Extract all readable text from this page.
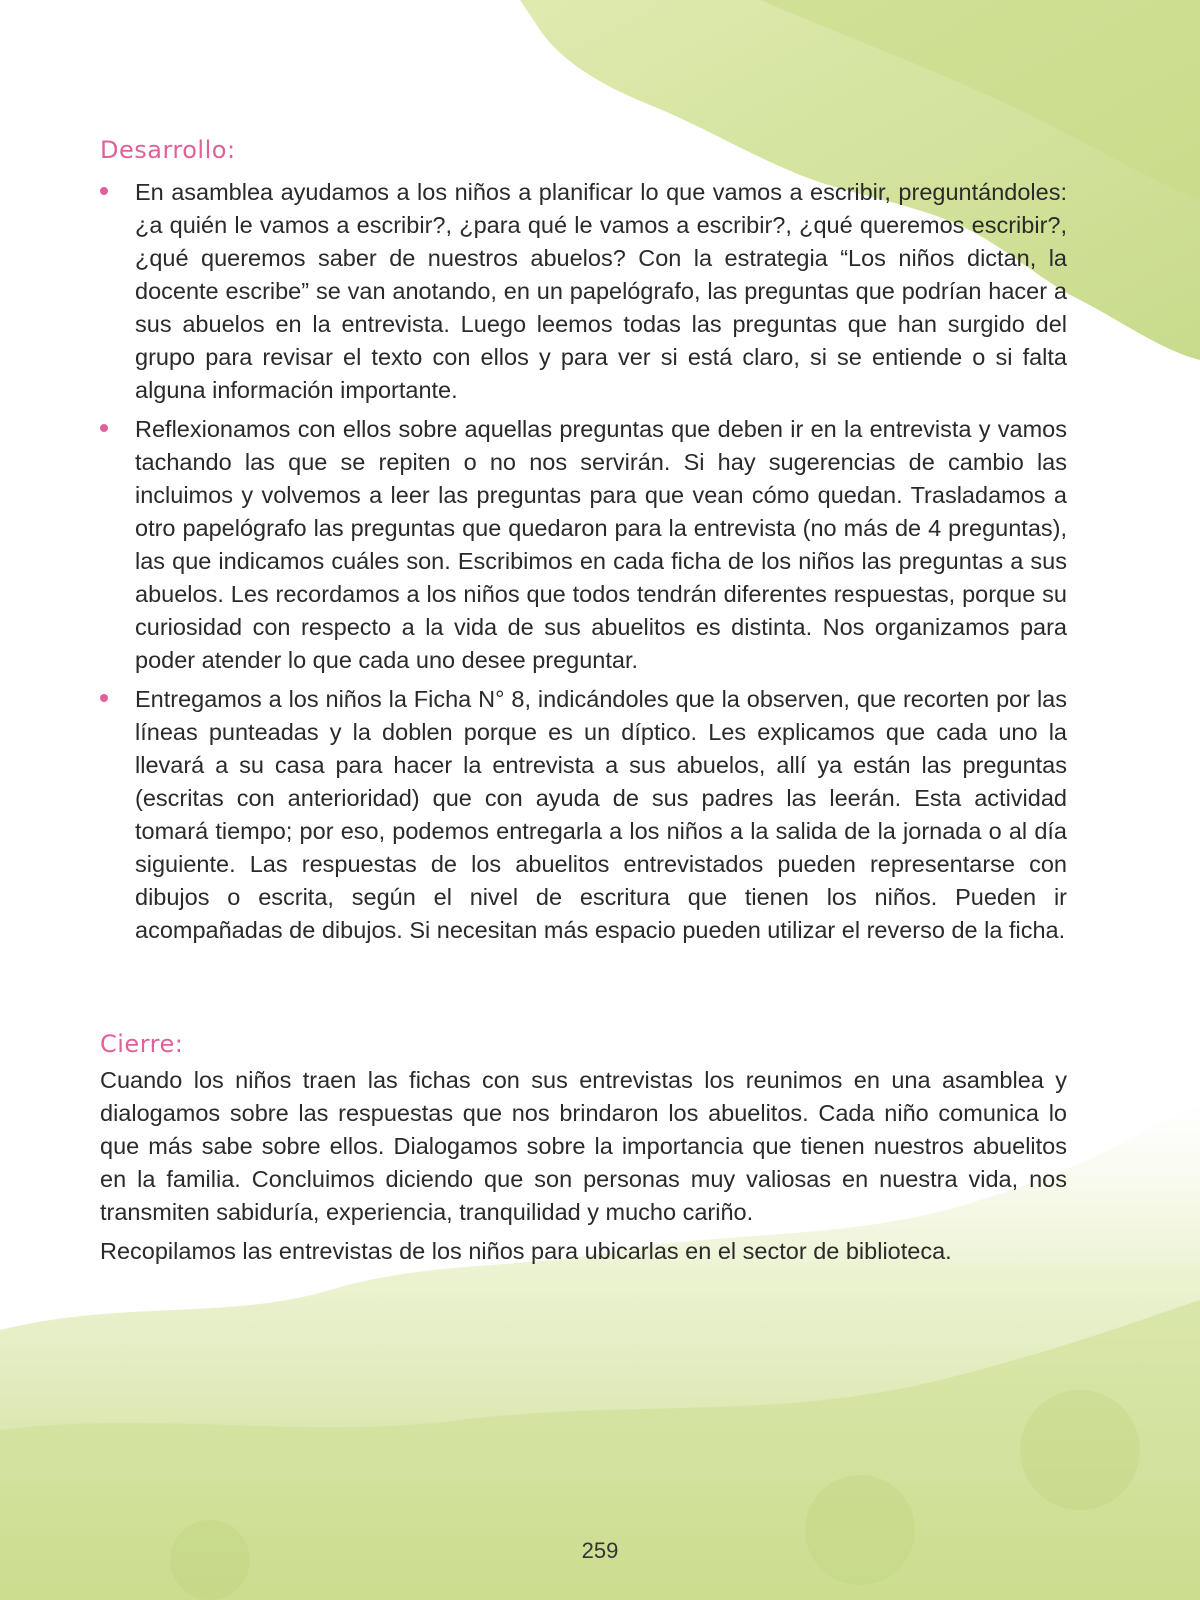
Desarrollo:

En asamblea ayudamos a los niños a planificar lo que vamos a escribir, preguntándoles: ¿a quién le vamos a escribir?, ¿para qué le vamos a escribir?, ¿qué queremos escribir?, ¿qué queremos saber de nuestros abuelos? Con la estrategia “Los niños dictan, la docente escribe” se van anotando, en un papelógrafo, las preguntas que podrían hacer a sus abuelos en la entrevista. Luego leemos todas las preguntas que han surgido del grupo para revisar el texto con ellos y para ver si está claro, si se entiende o si falta alguna información importante.

Reflexionamos con ellos sobre aquellas preguntas que deben ir en la entrevista y vamos tachando las que se repiten o no nos servirán. Si hay sugerencias de cambio las incluimos y volvemos a leer las preguntas para que vean cómo quedan. Trasladamos a otro papelógrafo las preguntas que quedaron para la entrevista (no más de 4 preguntas), las que indicamos cuáles son. Escribimos en cada ficha de los niños las preguntas a sus abuelos. Les recordamos a los niños que todos tendrán diferentes respuestas, porque su curiosidad con respecto a la vida de sus abuelitos es distinta. Nos organizamos para poder atender lo que cada uno desee preguntar.

Entregamos a los niños la Ficha N° 8, indicándoles que la observen, que recorten por las líneas punteadas y la doblen porque es un díptico. Les explicamos que cada uno la llevará a su casa para hacer la entrevista a sus abuelos, allí ya están las preguntas (escritas con anterioridad) que con ayuda de sus padres las leerán. Esta actividad tomará tiempo; por eso, podemos entregarla a los niños a la salida de la jornada o al día siguiente. Las respuestas de los abuelitos entrevistados pueden representarse con dibujos o escrita, según el nivel de escritura que tienen los niños. Pueden ir acompañadas de dibujos. Si necesitan más espacio pueden utilizar el reverso de la ficha.

Cierre:

Cuando los niños traen las fichas con sus entrevistas los reunimos en una asamblea y dialogamos sobre las respuestas que nos brindaron los abuelitos. Cada niño comunica lo que más sabe sobre ellos. Dialogamos sobre la importancia que tienen nuestros abuelitos en la familia. Concluimos diciendo que son personas muy valiosas en nuestra vida, nos transmiten sabiduría, experiencia, tranquilidad y mucho cariño.

Recopilamos las entrevistas de los niños para ubicarlas en el sector de biblioteca.

259
